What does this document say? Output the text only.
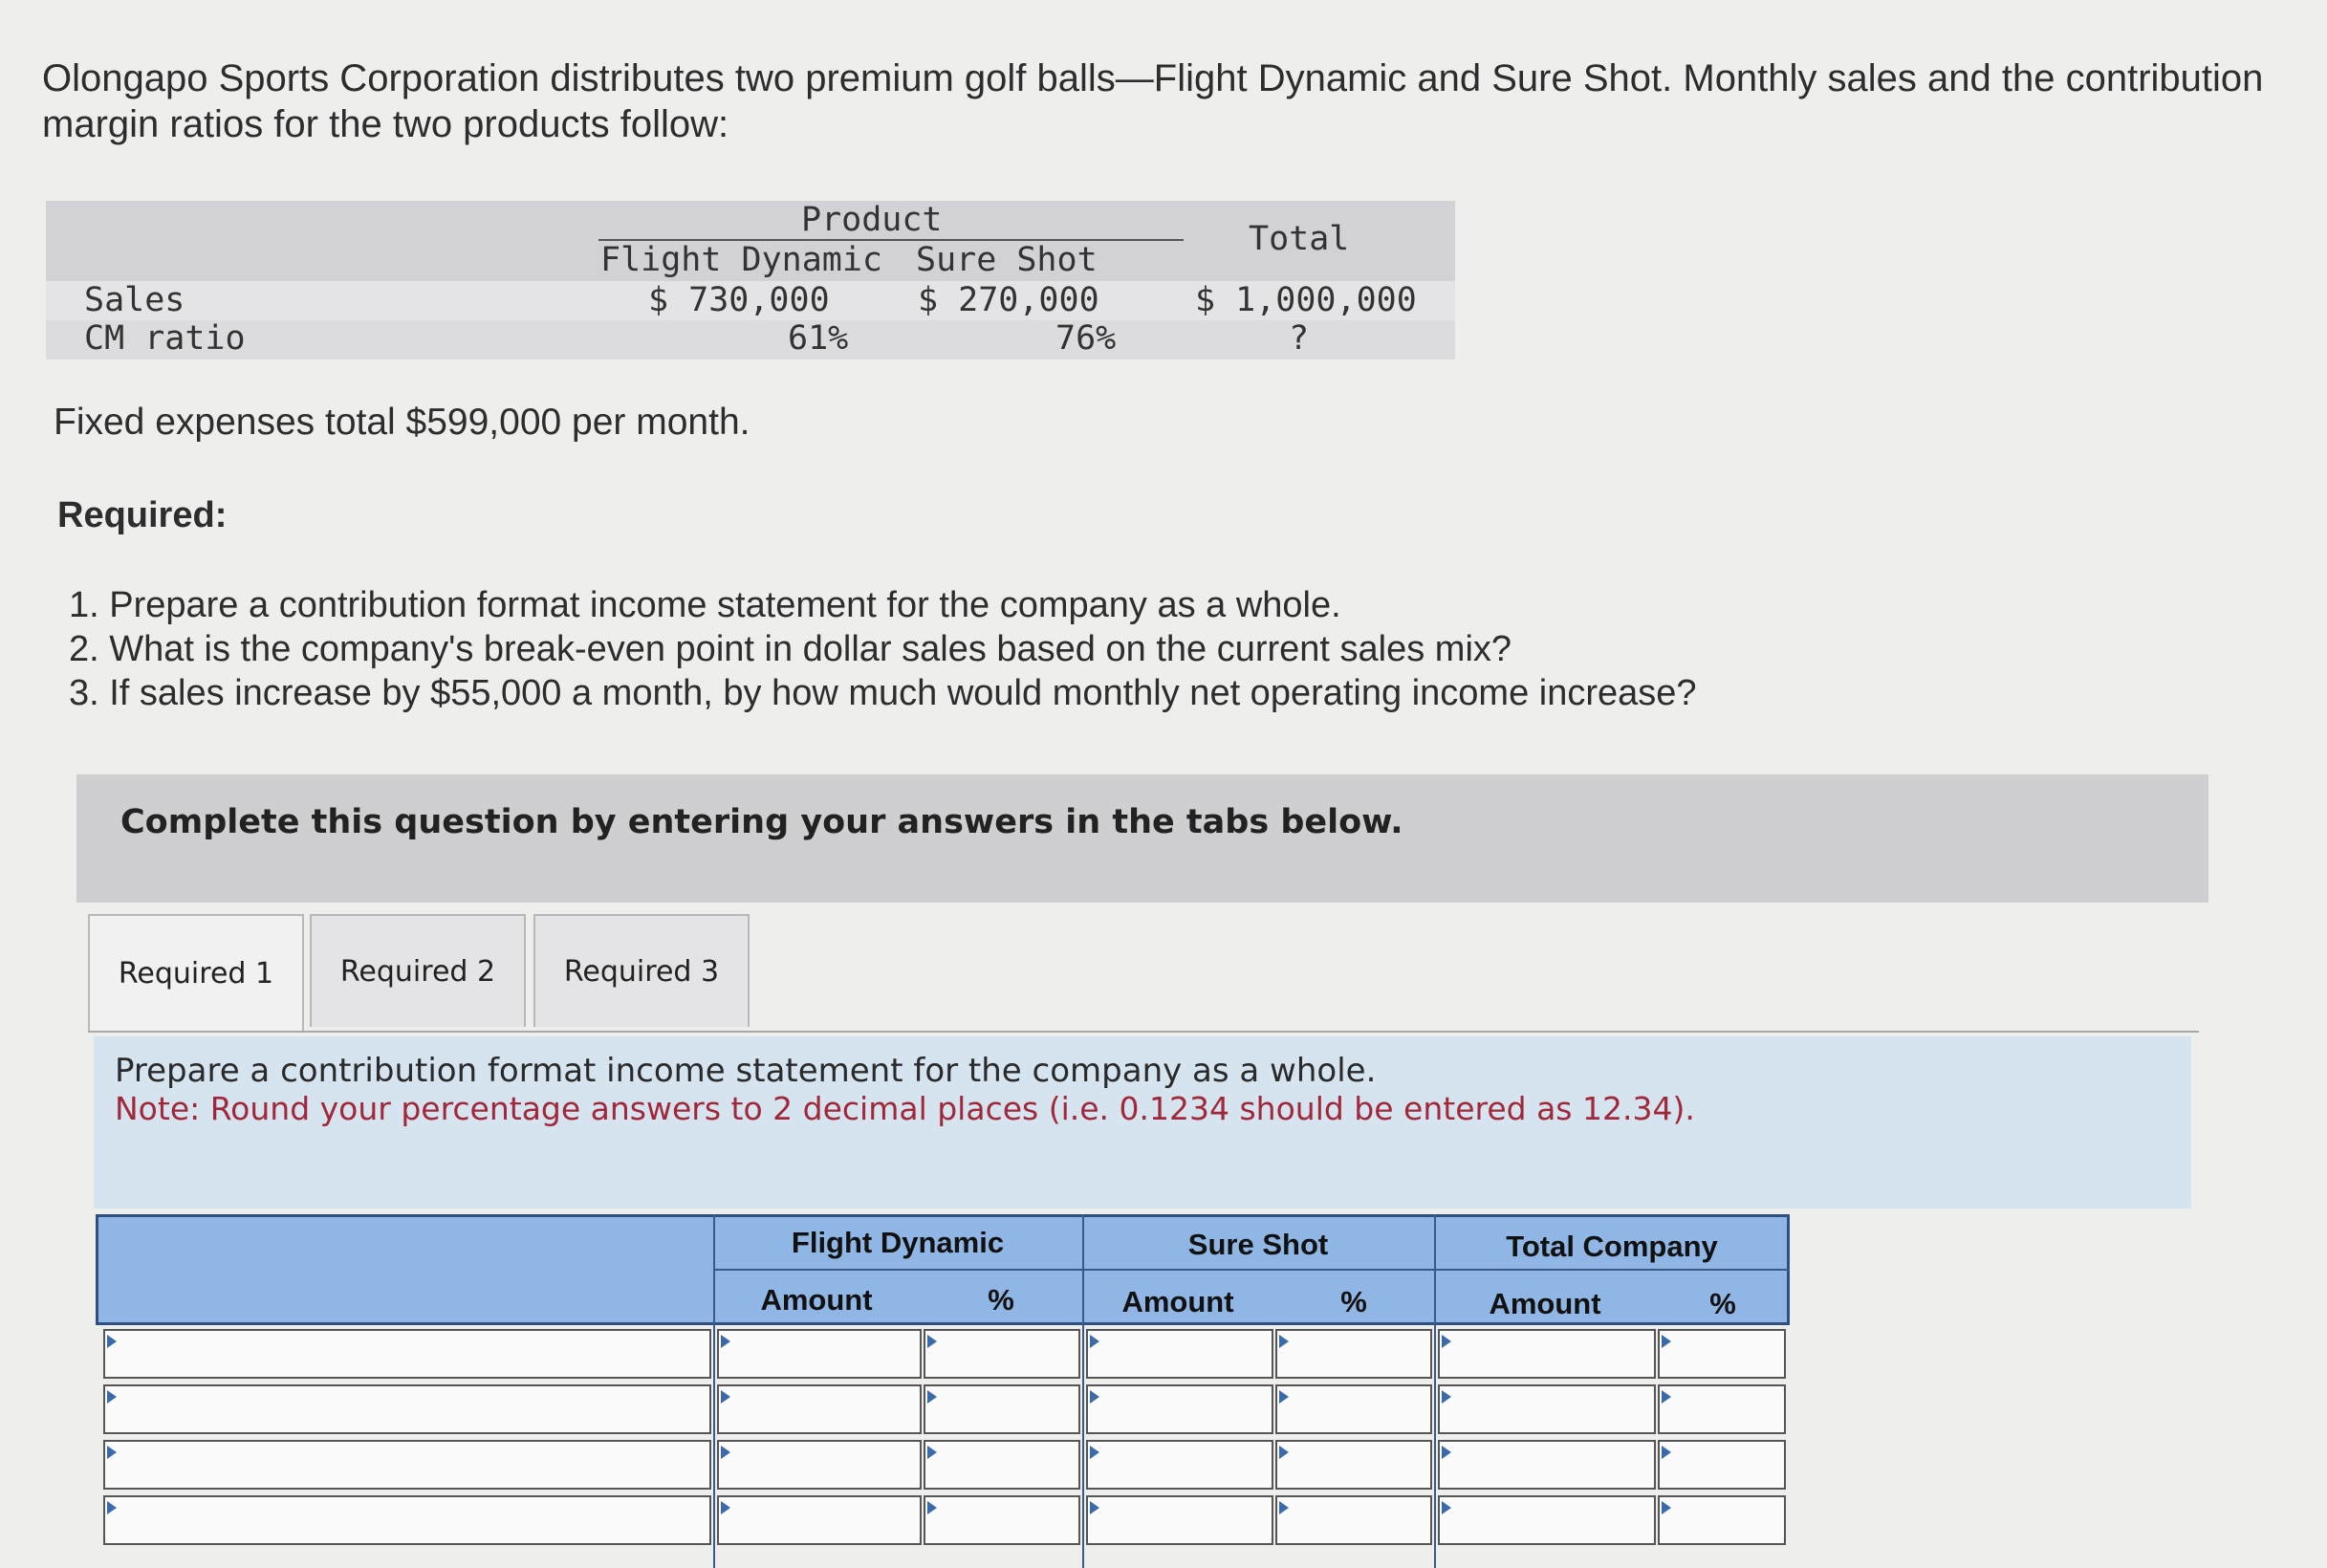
Olongapo Sports Corporation distributes two premium golf balls—Flight Dynamic and Sure Shot. Monthly sales and the contribution margin ratios for the two products follow:
Product
Flight Dynamic Sure Shot
Total
Sales	$ 730,000	$ 270,000	$ 1,000,000
CM ratio	61%	76%	?
Fixed expenses total $599,000 per month.
Required:
1. Prepare a contribution format income statement for the company as a whole.
2. What is the company's break-even point in dollar sales based on the current sales mix?
3. If sales increase by $55,000 a month, by how much would monthly net operating income increase?
Complete this question by entering your answers in the tabs below.
Required 1	Required 2	Required 3
Prepare a contribution format income statement for the company as a whole.
Note: Round your percentage answers to 2 decimal places (i.e. 0.1234 should be entered as 12.34).
Flight Dynamic	Sure Shot	Total Company
Amount	%	Amount	%	Amount	%
